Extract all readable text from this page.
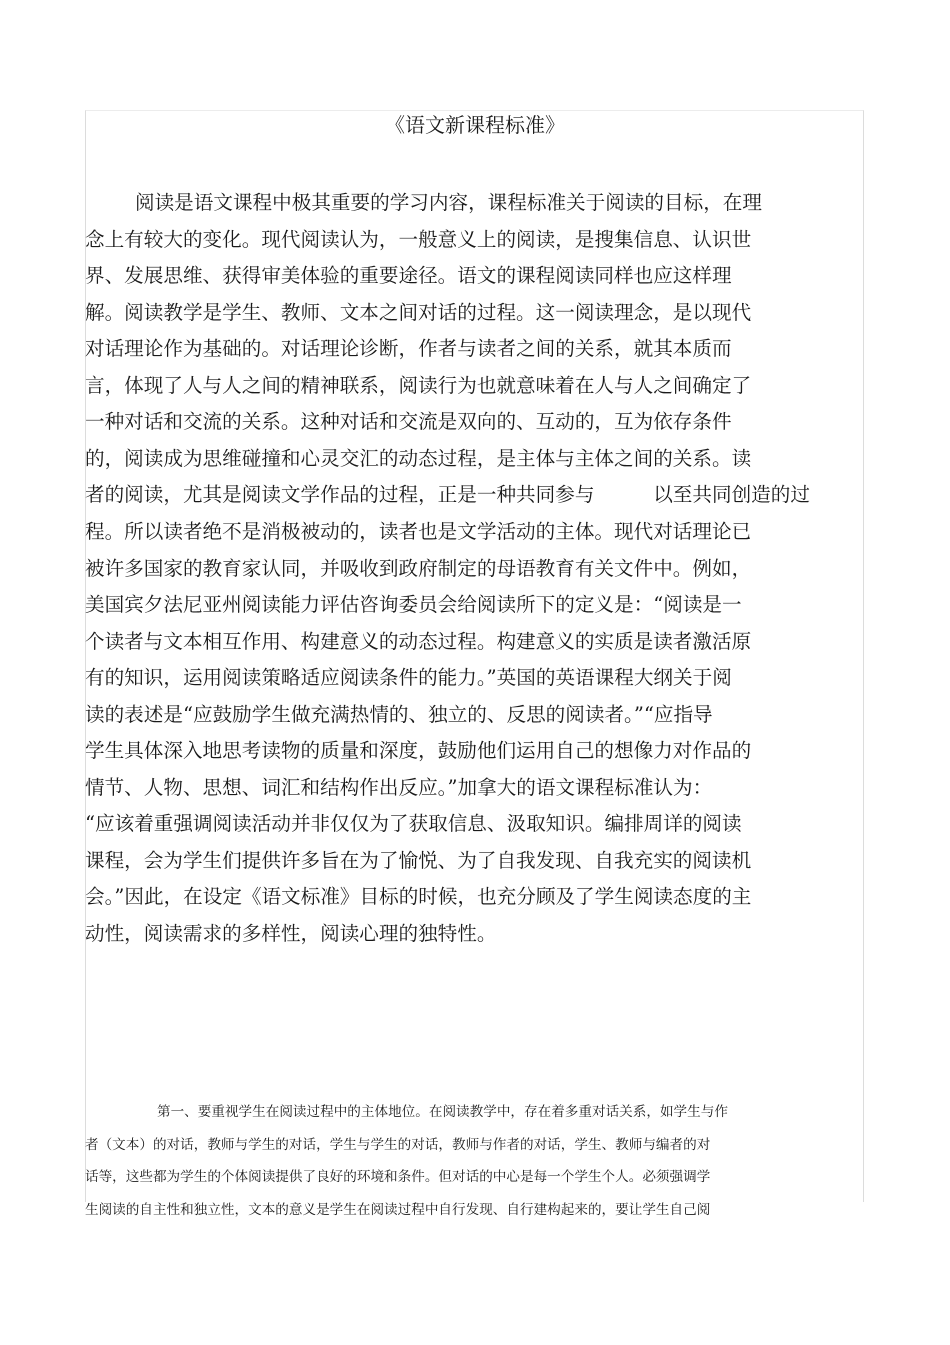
《语文新课程标准》
阅读是语文课程中极其重要的学习内容，课程标准关于阅读的目标，在理
念上有较大的变化。现代阅读认为，一般意义上的阅读，是搜集信息、认识世
界、发展思维、获得审美体验的重要途径。语文的课程阅读同样也应这样理
解。阅读教学是学生、教师、文本之间对话的过程。这一阅读理念，是以现代
对话理论作为基础的。对话理论诊断，作者与读者之间的关系，就其本质而
言，体现了人与人之间的精神联系，阅读行为也就意味着在人与人之间确定了
一种对话和交流的关系。这种对话和交流是双向的、互动的，互为依存条件
的，阅读成为思维碰撞和心灵交汇的动态过程，是主体与主体之间的关系。读
者的阅读，尤其是阅读文学作品的过程，正是一种共同参与　　　以至共同创造的过
程。所以读者绝不是消极被动的，读者也是文学活动的主体。现代对话理论已
被许多国家的教育家认同，并吸收到政府制定的母语教育有关文件中。例如，
美国宾夕法尼亚州阅读能力评估咨询委员会给阅读所下的定义是：“阅读是一
个读者与文本相互作用、构建意义的动态过程。构建意义的实质是读者激活原
有的知识，运用阅读策略适应阅读条件的能力。”英国的英语课程大纲关于阅
读的表述是“应鼓励学生做充满热情的、独立的、反思的阅读者。”“应指导
学生具体深入地思考读物的质量和深度，鼓励他们运用自己的想像力对作品的
情节、人物、思想、词汇和结构作出反应。”加拿大的语文课程标准认为：
“应该着重强调阅读活动并非仅仅为了获取信息、汲取知识。编排周详的阅读
课程，会为学生们提供许多旨在为了愉悦、为了自我发现、自我充实的阅读机
会。”因此，在设定《语文标准》目标的时候，也充分顾及了学生阅读态度的主
动性，阅读需求的多样性，阅读心理的独特性。
第一、要重视学生在阅读过程中的主体地位。在阅读教学中，存在着多重对话关系，如学生与作
者（文本）的对话，教师与学生的对话，学生与学生的对话，教师与作者的对话，学生、教师与编者的对
话等，这些都为学生的个体阅读提供了良好的环境和条件。但对话的中心是每一个学生个人。必须强调学
生阅读的自主性和独立性，文本的意义是学生在阅读过程中自行发现、自行建构起来的，要让学生自己阅
